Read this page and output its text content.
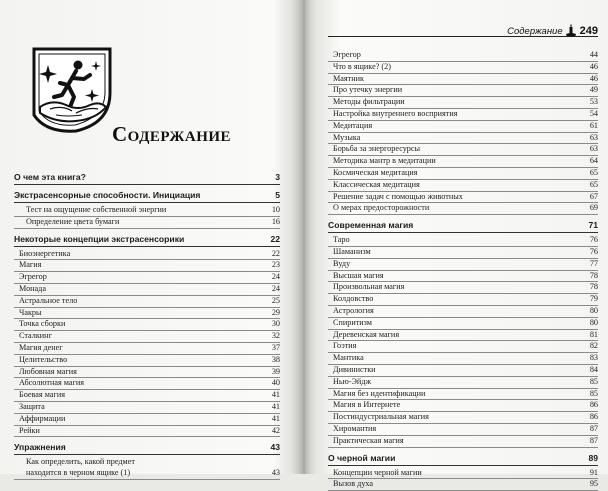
Содержание
О чем эта книга?	3
Экстрасенсорные способности. Инициация	5
Тест на ощущение собственной энергии	10
Определение цвета бумаги	16
Некоторые концепции экстрасенсорики	22
Биоэнергетика	22
Магия	23
Эгрегор	24
Монада	24
Астральное тело	25
Чакры	29
Точка сборки	30
Сталкинг	32
Магия денег	37
Целительство	38
Любовная магия	39
Абсолютная магия	40
Боевая магия	41
Защита	41
Аффирмации	41
Рейки	42
Упражнения	43
Как определить, какой предмет
находится в черном ящике (1)	43
Содержание 249
Эгрегор	44
Что в ящике? (2)	46
Маятник	46
Про утечку энергии	49
Методы фильтрации	53
Настройка внутреннего восприятия	54
Медитация	61
Музыка	63
Борьба за энергоресурсы	63
Методика мантр в медитации	64
Космическая медитация	65
Классическая медитация	65
Решение задач с помощью животных	67
О мерах предосторожности	69
Современная магия	71
Таро	76
Шаманизм	76
Вуду	77
Высшая магия	78
Произвольная магия	78
Колдовство	79
Астрология	80
Спиритизм	80
Деревенская магия	81
Гоэтия	82
Мантика	83
Дивинистки	84
Нью-Эйдж	85
Магия без идентификации	85
Магия в Интернете	86
Постиндустриальная магия	86
Хиромантия	87
Практическая магия	87
О черной магии	89
Концепции черной магии	91
Вызов духа	95
